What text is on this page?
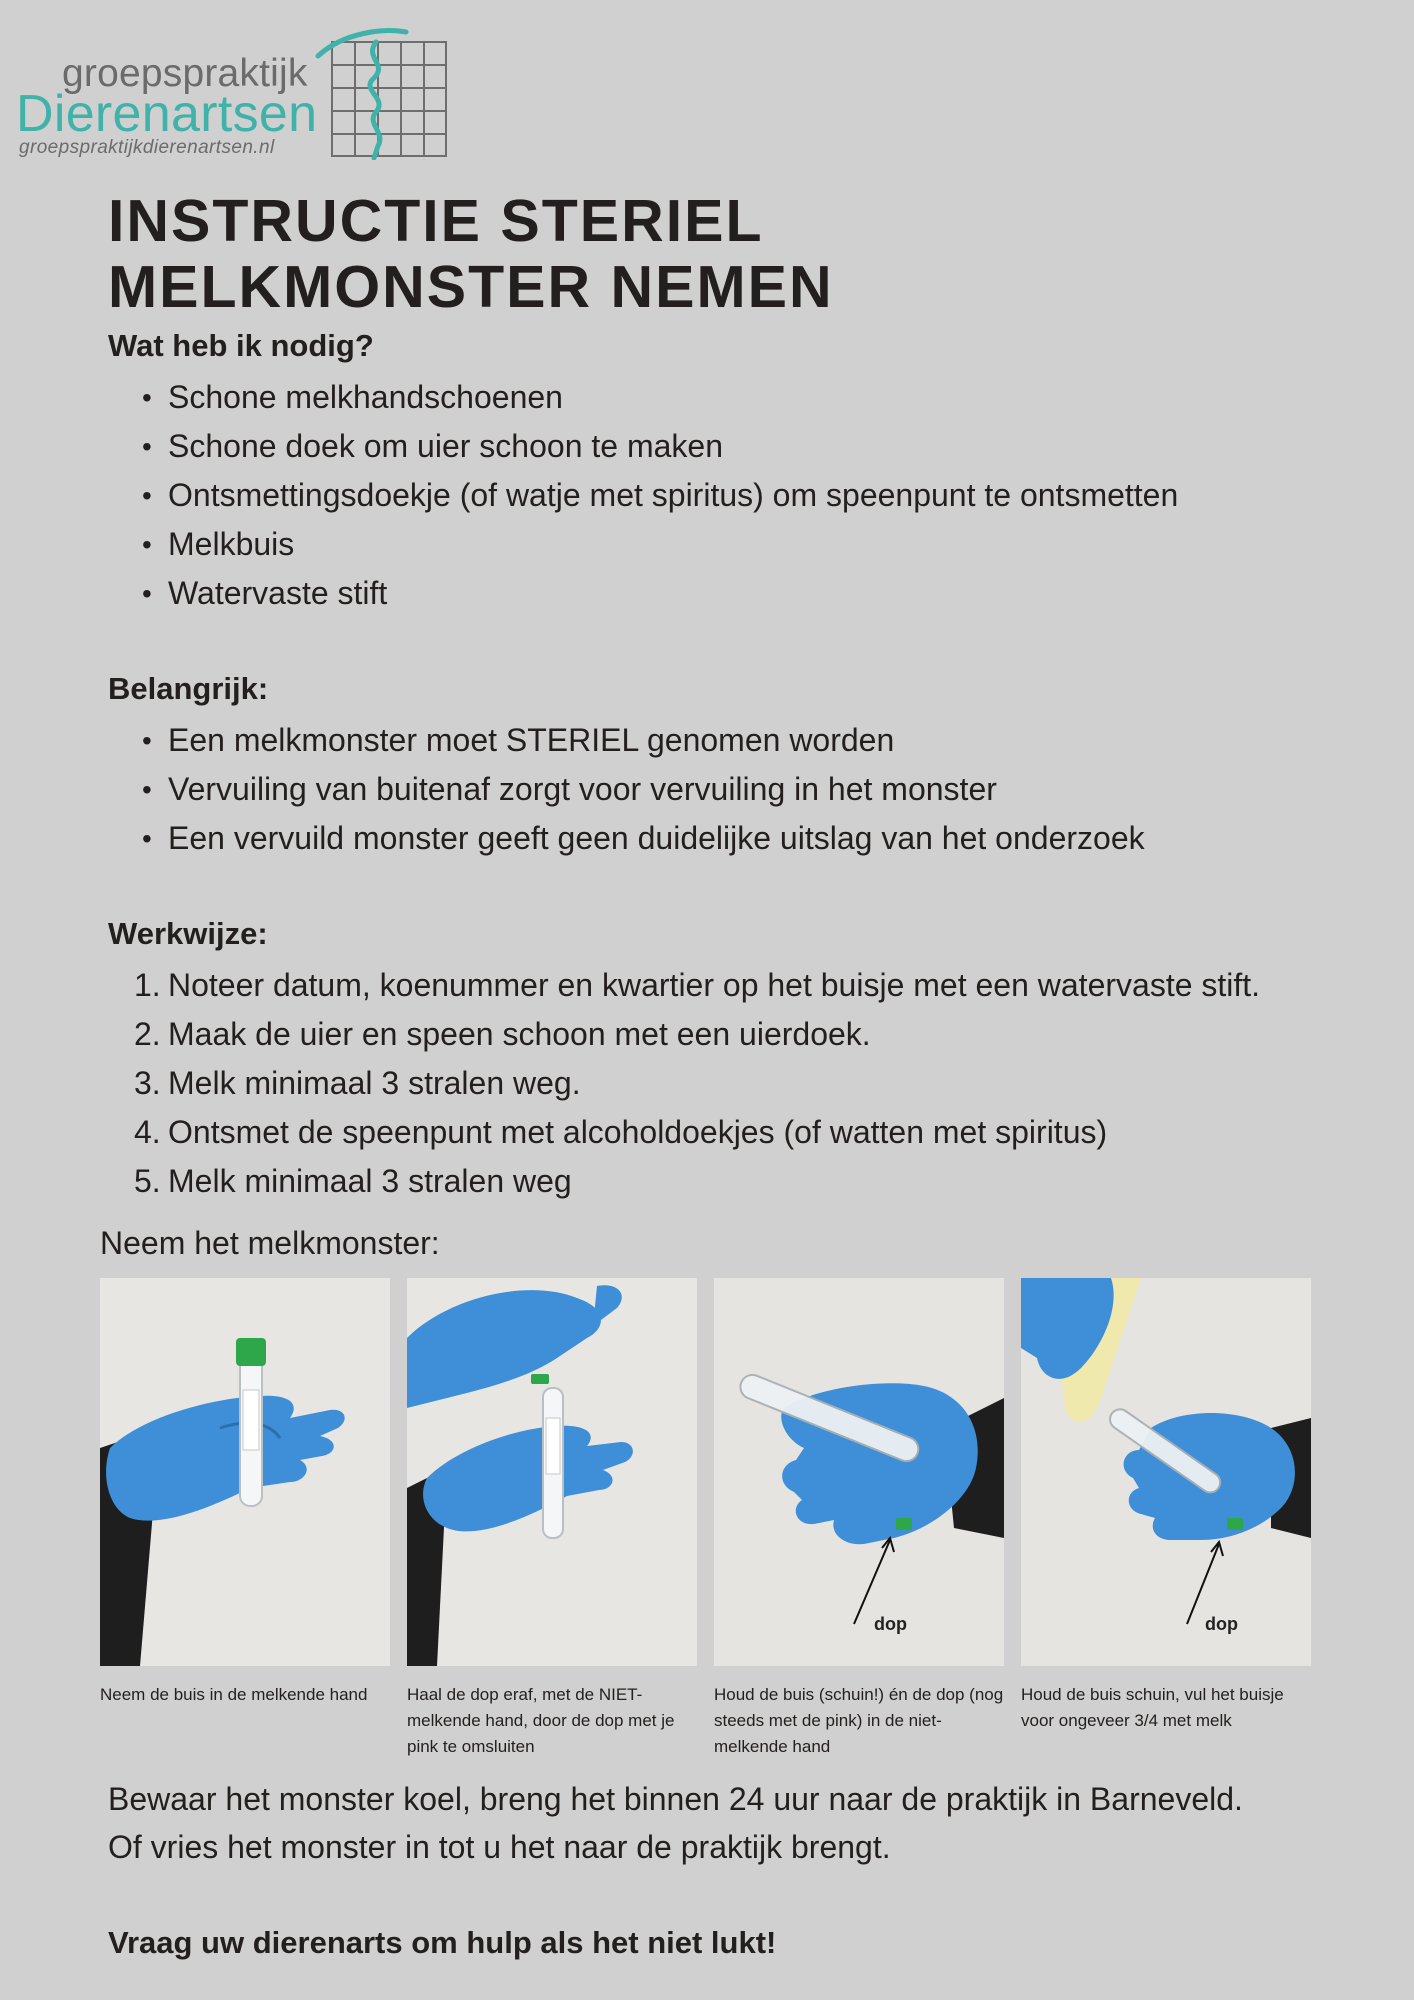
groepspraktijk
Dierenartsen
groepspraktijkdierenartsen.nl
INSTRUCTIE STERIEL
MELKMONSTER NEMEN
Wat heb ik nodig?
• Schone melkhandschoenen
• Schone doek om uier schoon te maken
• Ontsmettingsdoekje (of watje met spiritus) om speenpunt te ontsmetten
• Melkbuis
• Watervaste stift
Belangrijk:
• Een melkmonster moet STERIEL genomen worden
• Vervuiling van buitenaf zorgt voor vervuiling in het monster
• Een vervuild monster geeft geen duidelijke uitslag van het onderzoek
Werkwijze:
1. Noteer datum, koenummer en kwartier op het buisje met een watervaste stift.
2. Maak de uier en speen schoon met een uierdoek.
3. Melk minimaal 3 stralen weg.
4. Ontsmet de speenpunt met alcoholdoekjes (of watten met spiritus)
5. Melk minimaal 3 stralen weg
Neem het melkmonster:

Neem de buis in de melkende hand	Haal de dop eraf, met de NIET-melkende hand, door de dop met je pink te omsluiten

dop

Houd de buis (schuin!) én de dop (nog steeds met de pink) in de niet-melkende hand

dop

Houd de buis schuin, vul het buisje voor ongeveer 3/4 met melk

Bewaar het monster koel, breng het binnen 24 uur naar de praktijk in Barneveld.

Of vries het monster in tot u het naar de praktijk brengt.

Vraag uw dierenarts om hulp als het niet lukt!
